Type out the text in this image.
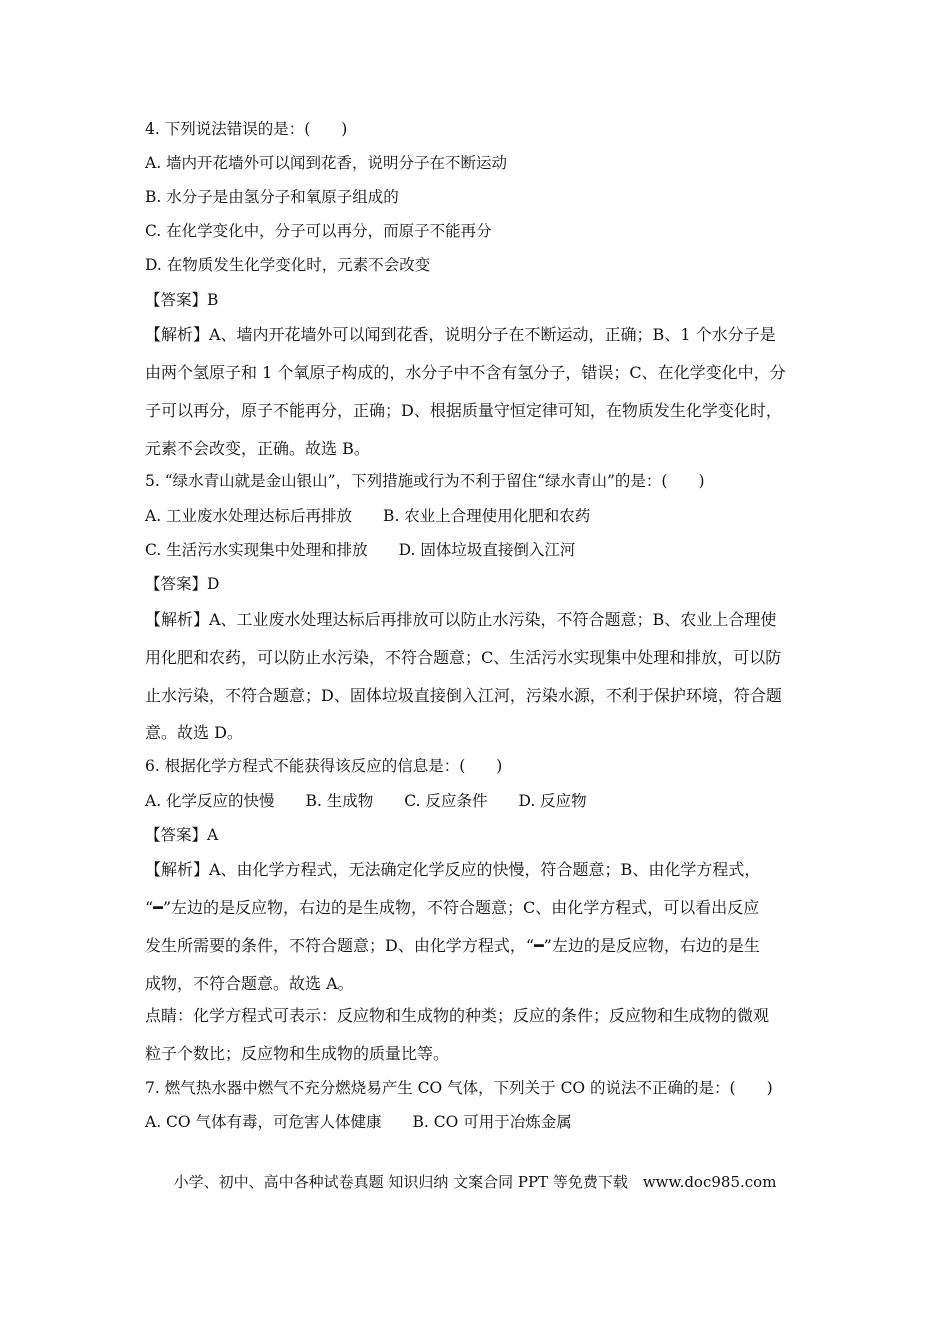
4. 下列说法错误的是：(　　)
A. 墙内开花墙外可以闻到花香，说明分子在不断运动
B. 水分子是由氢分子和氧原子组成的
C. 在化学变化中，分子可以再分，而原子不能再分
D. 在物质发生化学变化时，元素不会改变
【答案】B
【解析】A、墙内开花墙外可以闻到花香，说明分子在不断运动，正确；B、1 个水分子是
由两个氢原子和 1 个氧原子构成的，水分子中不含有氢分子，错误；C、在化学变化中，分
子可以再分，原子不能再分，正确；D、根据质量守恒定律可知，在物质发生化学变化时，
元素不会改变，正确。故选 B。
5. “绿水青山就是金山银山”，下列措施或行为不利于留住“绿水青山”的是：(　　)
A. 工业废水处理达标后再排放　　B. 农业上合理使用化肥和农药
C. 生活污水实现集中处理和排放　　D. 固体垃圾直接倒入江河
【答案】D
【解析】A、工业废水处理达标后再排放可以防止水污染，不符合题意；B、农业上合理使
用化肥和农药，可以防止水污染，不符合题意；C、生活污水实现集中处理和排放，可以防
止水污染，不符合题意；D、固体垃圾直接倒入江河，污染水源，不利于保护环境，符合题
意。故选 D。
6. 根据化学方程式不能获得该反应的信息是：(　　)
A. 化学反应的快慢　　B. 生成物　　C. 反应条件　　D. 反应物
【答案】A
【解析】A、由化学方程式，无法确定化学反应的快慢，符合题意；B、由化学方程式，
“━”左边的是反应物，右边的是生成物，不符合题意；C、由化学方程式，可以看出反应
发生所需要的条件，不符合题意；D、由化学方程式，“━”左边的是反应物，右边的是生
成物，不符合题意。故选 A。
点睛：化学方程式可表示：反应物和生成物的种类；反应的条件；反应物和生成物的微观
粒子个数比；反应物和生成物的质量比等。
7. 燃气热水器中燃气不充分燃烧易产生 CO 气体，下列关于 CO 的说法不正确的是：(　　)
A. CO 气体有毒，可危害人体健康　　B. CO 可用于冶炼金属
小学、初中、高中各种试卷真题 知识归纳 文案合同 PPT 等免费下载　www.doc985.com
